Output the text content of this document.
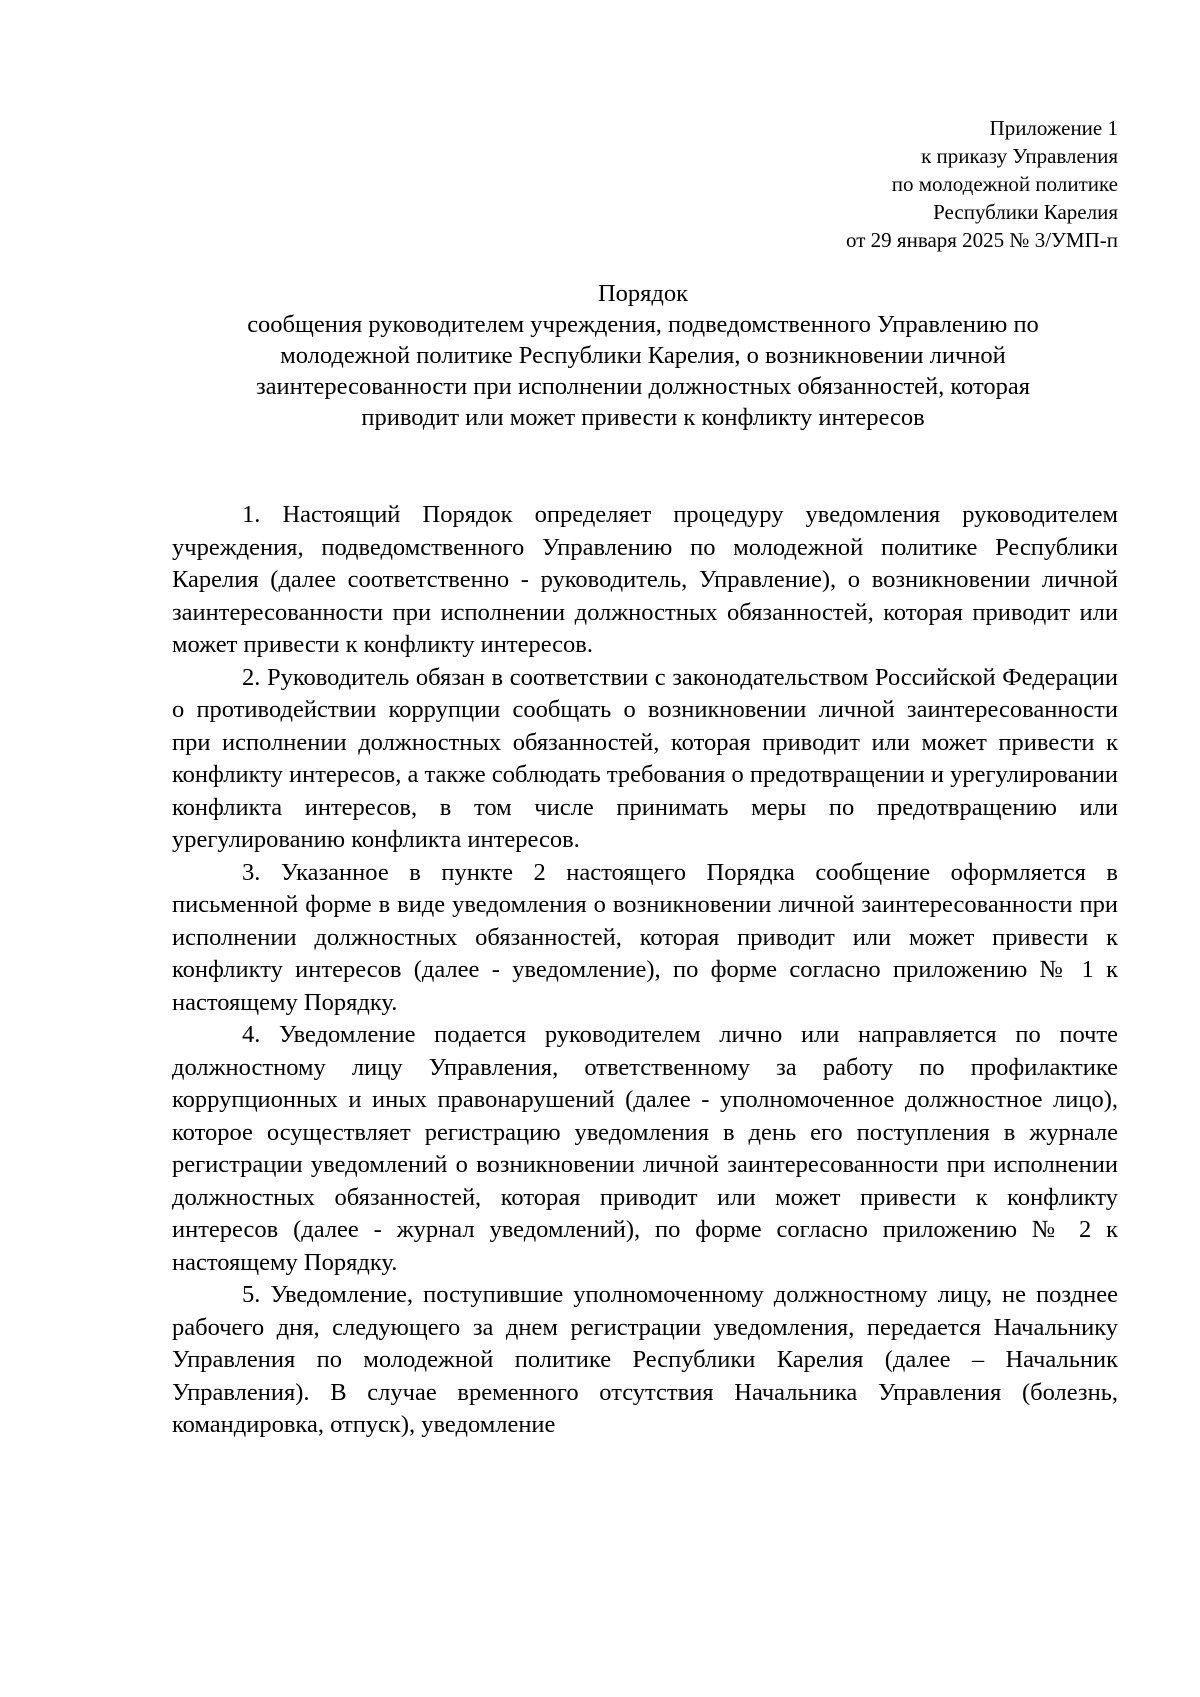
Приложение 1
к приказу Управления
по молодежной политике
Республики Карелия
от 29 января 2025 № 3/УМП-п
Порядок
сообщения руководителем учреждения, подведомственного Управлению по
молодежной политике Республики Карелия, о возникновении личной
заинтересованности при исполнении должностных обязанностей, которая
приводит или может привести к конфликту интересов

1. Настоящий Порядок определяет процедуру уведомления руководителем учреждения, подведомственного Управлению по молодежной политике Республики Карелия (далее соответственно - руководитель, Управление), о возникновении личной заинтересованности при исполнении должностных обязанностей, которая приводит или может привести к конфликту интересов.

2. Руководитель обязан в соответствии с законодательством Российской Федерации о противодействии коррупции сообщать о возникновении личной заинтересованности при исполнении должностных обязанностей, которая приводит или может привести к конфликту интересов, а также соблюдать требования о предотвращении и урегулировании конфликта интересов, в том числе принимать меры по предотвращению или урегулированию конфликта интересов.

3. Указанное в пункте 2 настоящего Порядка сообщение оформляется в письменной форме в виде уведомления о возникновении личной заинтересованности при исполнении должностных обязанностей, которая приводит или может привести к конфликту интересов (далее - уведомление), по форме согласно приложению № 1 к настоящему Порядку.

4. Уведомление подается руководителем лично или направляется по почте должностному лицу Управления, ответственному за работу по профилактике коррупционных и иных правонарушений (далее - уполномоченное должностное лицо), которое осуществляет регистрацию уведомления в день его поступления в журнале регистрации уведомлений о возникновении личной заинтересованности при исполнении должностных обязанностей, которая приводит или может привести к конфликту интересов (далее - журнал уведомлений), по форме согласно приложению № 2 к настоящему Порядку.

5. Уведомление, поступившие уполномоченному должностному лицу, не позднее рабочего дня, следующего за днем регистрации уведомления, передается Начальнику Управления по молодежной политике Республики Карелия (далее – Начальник Управления). В случае временного отсутствия Начальника Управления (болезнь, командировка, отпуск), уведомление
